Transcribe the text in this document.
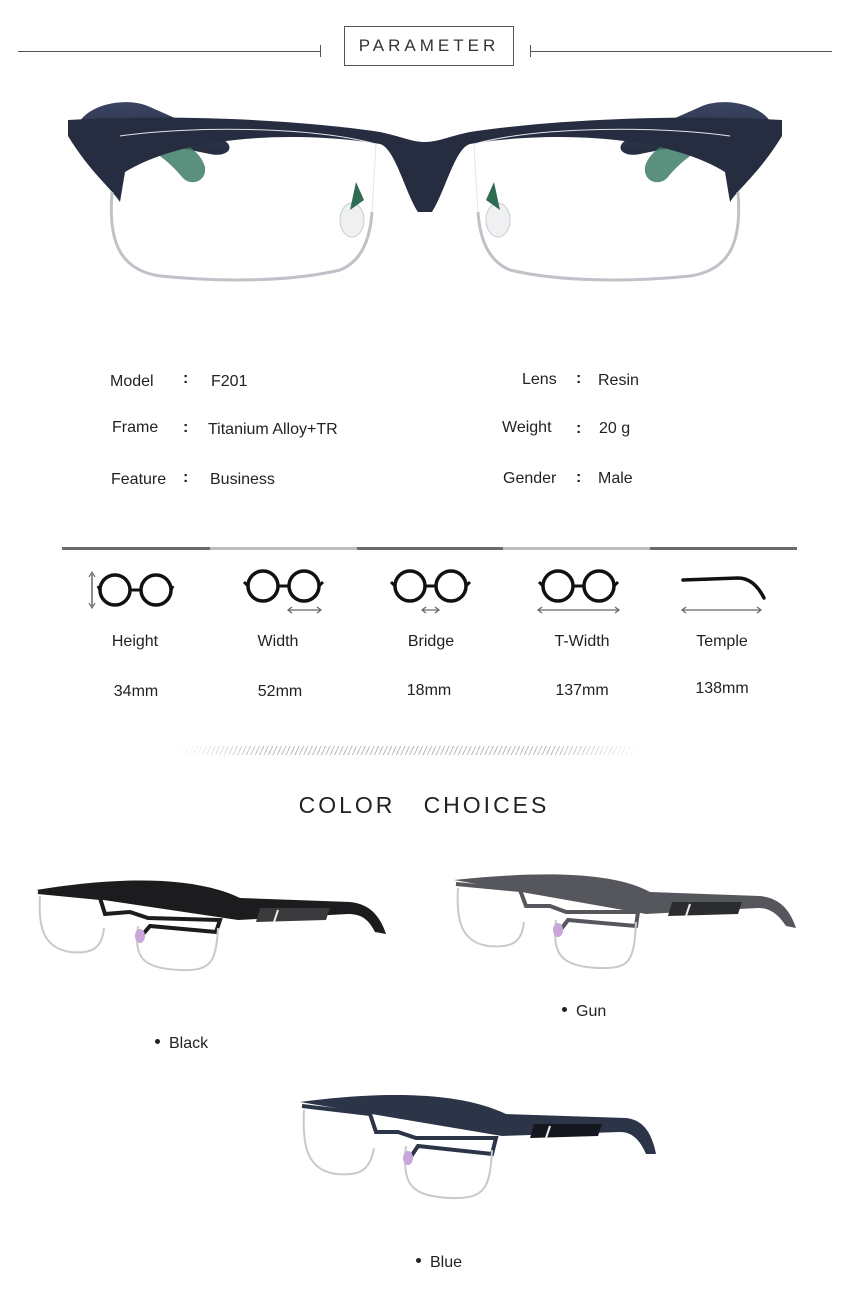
PARAMETER
Model : F201
Frame : Titanium Alloy+TR
Feature : Business
Lens : Resin
Weight : 20 g
Gender : Male
Height	Width	Bridge	T-Width	Temple
34mm	52mm	18mm	137mm	138mm
COLOR   CHOICES
Black
Gun
Blue
